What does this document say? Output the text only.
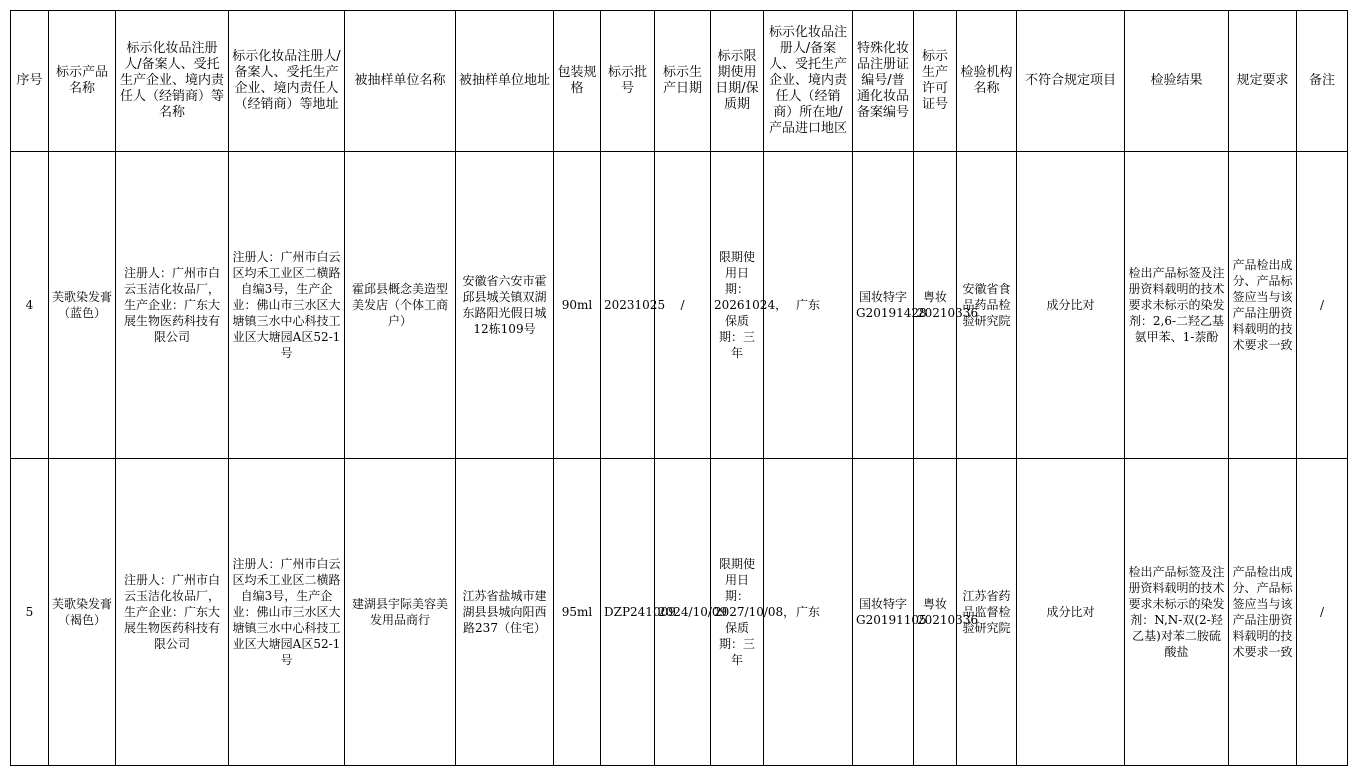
序号	标示产品名称	标示化妆品注册人/备案人、受托生产企业、境内责任人（经销商）等名称	标示化妆品注册人/备案人、受托生产企业、境内责任人（经销商）等地址	被抽样单位名称	被抽样单位地址	包装规格	标示批号	标示生产日期	标示限期使用日期/保质期	标示化妆品注册人/备案人、受托生产企业、境内责任人（经销商）所在地/产品进口地区	特殊化妆品注册证编号/普通化妆品备案编号	标示生产许可证号	检验机构名称	不符合规定项目	检验结果	规定要求	备注
4	芙歌染发膏（蓝色）	注册人：广州市白云玉洁化妆品厂，生产企业：广东大展生物医药科技有限公司	注册人：广州市白云区均禾工业区二横路自编3号，生产企业：佛山市三水区大塘镇三水中心科技工业区大塘园A区52-1号	霍邱县概念美造型美发店（个体工商户）	安徽省六安市霍邱县城关镇双湖东路阳光假日城12栋109号	90ml	20231025	/	限期使用日期：20261024，保质期：三年	广东	国妆特字G20191428	粤妆20210336	安徽省食品药品检验研究院	成分比对	检出产品标签及注册资料载明的技术要求未标示的染发剂：2,6-二羟乙基氨甲苯、1-萘酚	产品检出成分、产品标签应当与该产品注册资料载明的技术要求一致	/
5	芙歌染发膏（褐色）	注册人：广州市白云玉洁化妆品厂，生产企业：广东大展生物医药科技有限公司	注册人：广州市白云区均禾工业区二横路自编3号，生产企业：佛山市三水区大塘镇三水中心科技工业区大塘园A区52-1号	建湖县宇际美容美发用品商行	江苏省盐城市建湖县县城向阳西路237（住宅）	95ml	DZP241009	2024/10/09	限期使用日期：2027/10/08，保质期：三年	广东	国妆特字G20191105	粤妆20210336	江苏省药品监督检验研究院	成分比对	检出产品标签及注册资料载明的技术要求未标示的染发剂：N,N-双(2-羟乙基)对苯二胺硫酸盐	产品检出成分、产品标签应当与该产品注册资料载明的技术要求一致	/
